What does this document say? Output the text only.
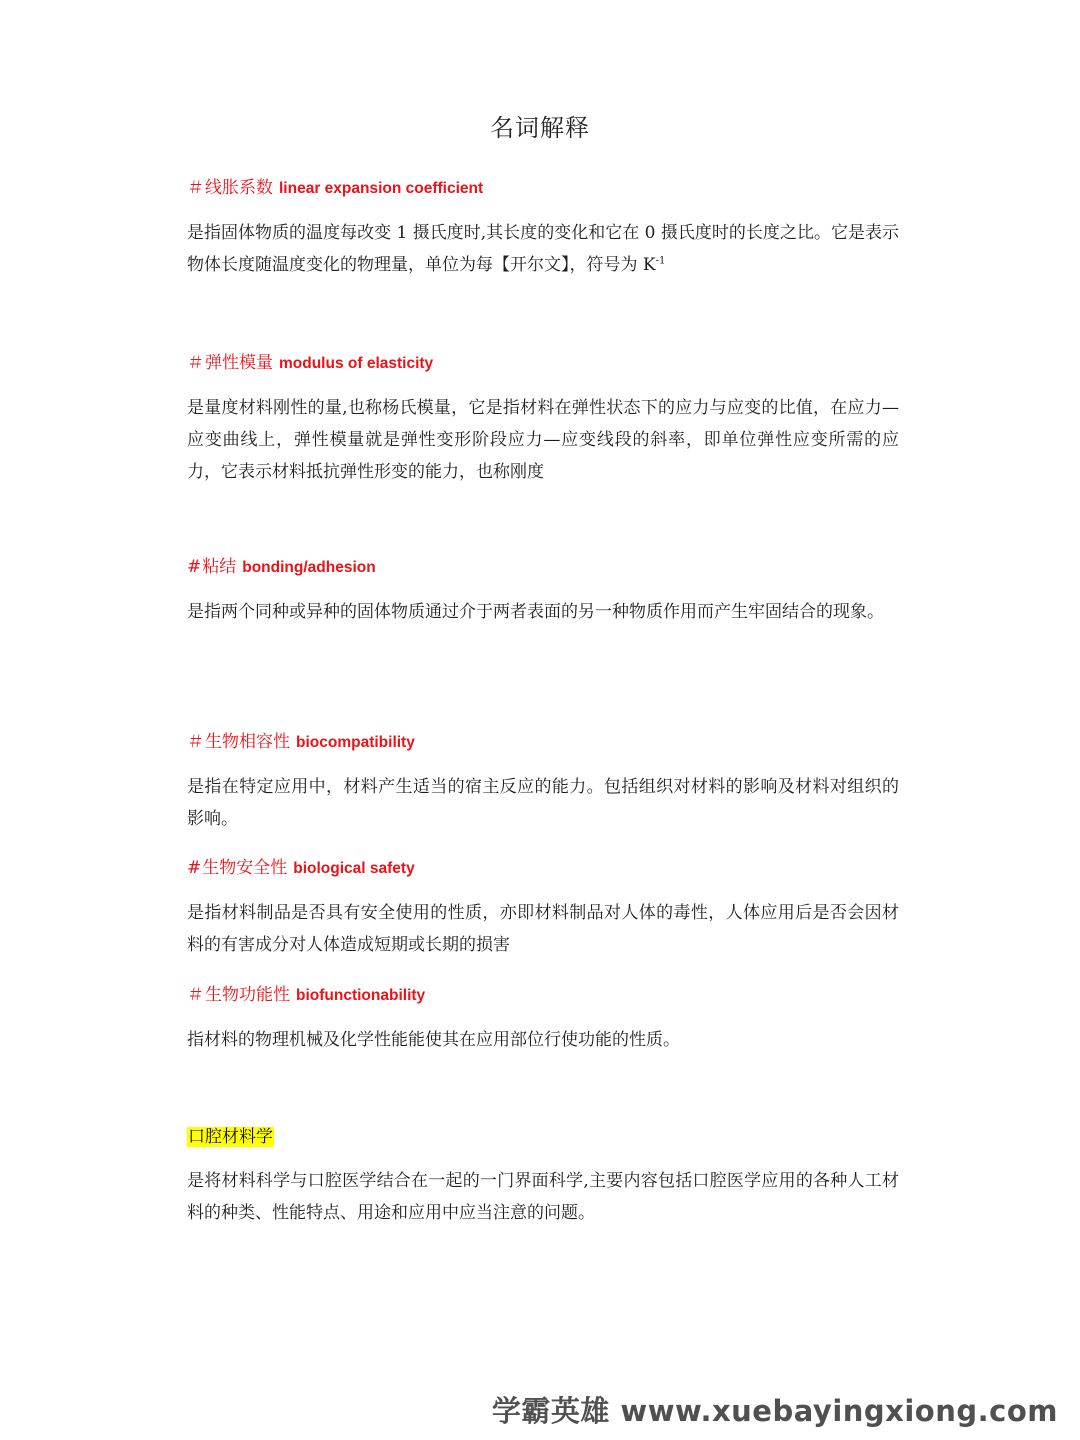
名词解释
＃线胀系数 linear expansion coefficient
是指固体物质的温度每改变 1 摄氏度时,其长度的变化和它在 0 摄氏度时的长度之比。它是表示物体长度随温度变化的物理量，单位为每【开尔文】，符号为 $K^{-1}$
＃弹性模量 modulus of elasticity
是量度材料刚性的量,也称杨氏模量，它是指材料在弹性状态下的应力与应变的比值，在应力—应变曲线上，弹性模量就是弹性变形阶段应力—应变线段的斜率，即单位弹性应变所需的应力，它表示材料抵抗弹性形变的能力，也称刚度
#粘结 bonding/adhesion
是指两个同种或异种的固体物质通过介于两者表面的另一种物质作用而产生牢固结合的现象。
＃生物相容性 biocompatibility
是指在特定应用中，材料产生适当的宿主反应的能力。包括组织对材料的影响及材料对组织的影响。
#生物安全性 biological safety
是指材料制品是否具有安全使用的性质，亦即材料制品对人体的毒性，人体应用后是否会因材料的有害成分对人体造成短期或长期的损害
＃生物功能性 biofunctionability
指材料的物理机械及化学性能能使其在应用部位行使功能的性质。
口腔材料学
是将材料科学与口腔医学结合在一起的一门界面科学,主要内容包括口腔医学应用的各种人工材料的种类、性能特点、用途和应用中应当注意的问题。
学霸英雄 www.xuebayingxiong.com
